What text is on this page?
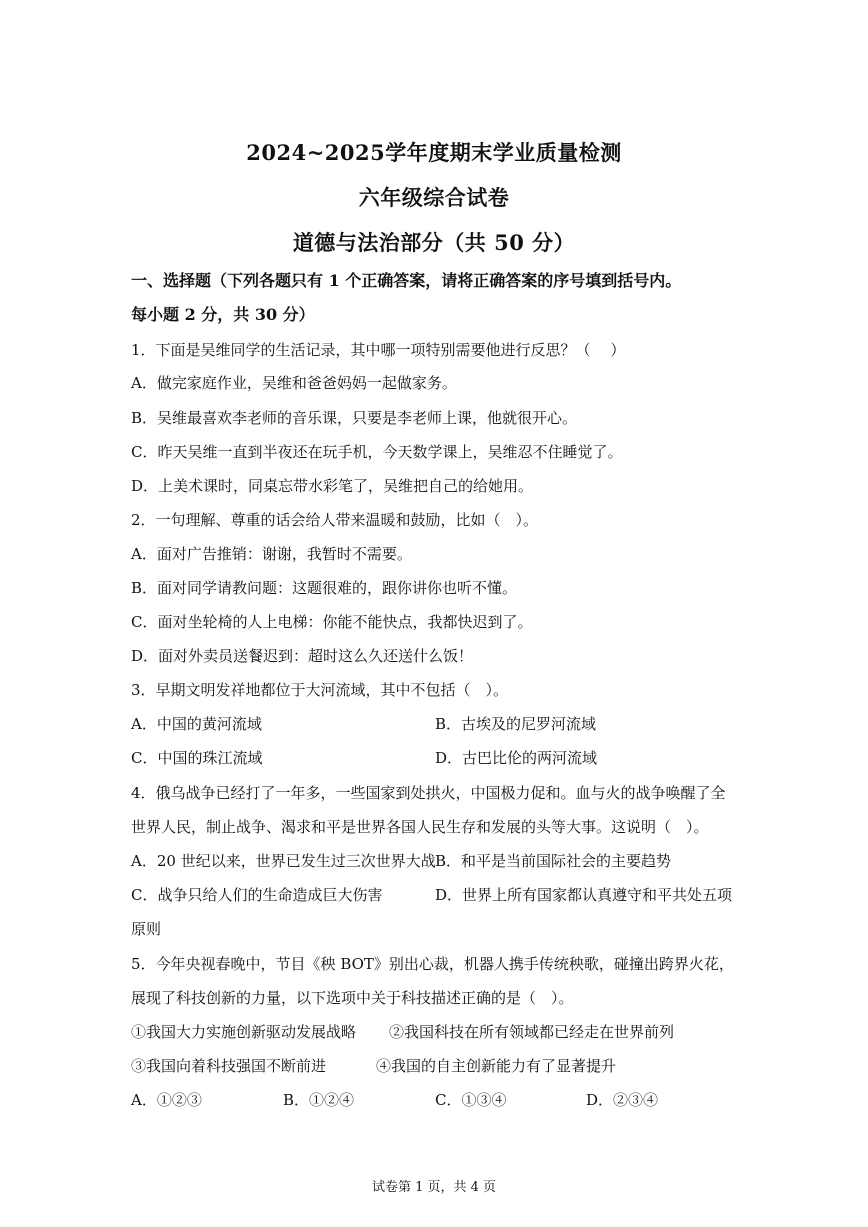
2024~2025学年度期末学业质量检测
六年级综合试卷
道德与法治部分（共 50 分）
一、选择题（下列各题只有 1 个正确答案，请将正确答案的序号填到括号内。
每小题 2 分，共 30 分）
1．下面是吴维同学的生活记录，其中哪一项特别需要他进行反思？（　 ）
A．做完家庭作业，吴维和爸爸妈妈一起做家务。
B．吴维最喜欢李老师的音乐课，只要是李老师上课，他就很开心。
C．昨天吴维一直到半夜还在玩手机，今天数学课上，吴维忍不住睡觉了。
D．上美术课时，同桌忘带水彩笔了，吴维把自己的给她用。
2．一句理解、尊重的话会给人带来温暖和鼓励，比如（　）。
A．面对广告推销：谢谢，我暂时不需要。
B．面对同学请教问题：这题很难的，跟你讲你也听不懂。
C．面对坐轮椅的人上电梯：你能不能快点，我都快迟到了。
D．面对外卖员送餐迟到：超时这么久还送什么饭！
3．早期文明发祥地都位于大河流域，其中不包括（　）。
A．中国的黄河流域	B．古埃及的尼罗河流域
C．中国的珠江流域	D．古巴比伦的两河流域
4．俄乌战争已经打了一年多，一些国家到处拱火，中国极力促和。血与火的战争唤醒了全
世界人民，制止战争、渴求和平是世界各国人民生存和发展的头等大事。这说明（　）。
A．20 世纪以来，世界已发生过三次世界大战 B．和平是当前国际社会的主要趋势
C．战争只给人们的生命造成巨大伤害	D．世界上所有国家都认真遵守和平共处五项
原则
5．今年央视春晚中，节目《秧 BOT》别出心裁，机器人携手传统秧歌，碰撞出跨界火花，
展现了科技创新的力量，以下选项中关于科技描述正确的是（　）。
①我国大力实施创新驱动发展战略 ②我国科技在所有领域都已经走在世界前列
③我国向着科技强国不断前进	④我国的自主创新能力有了显著提升
A．①②③	B．①②④	C．①③④	D．②③④
试卷第 1 页，共 4 页
